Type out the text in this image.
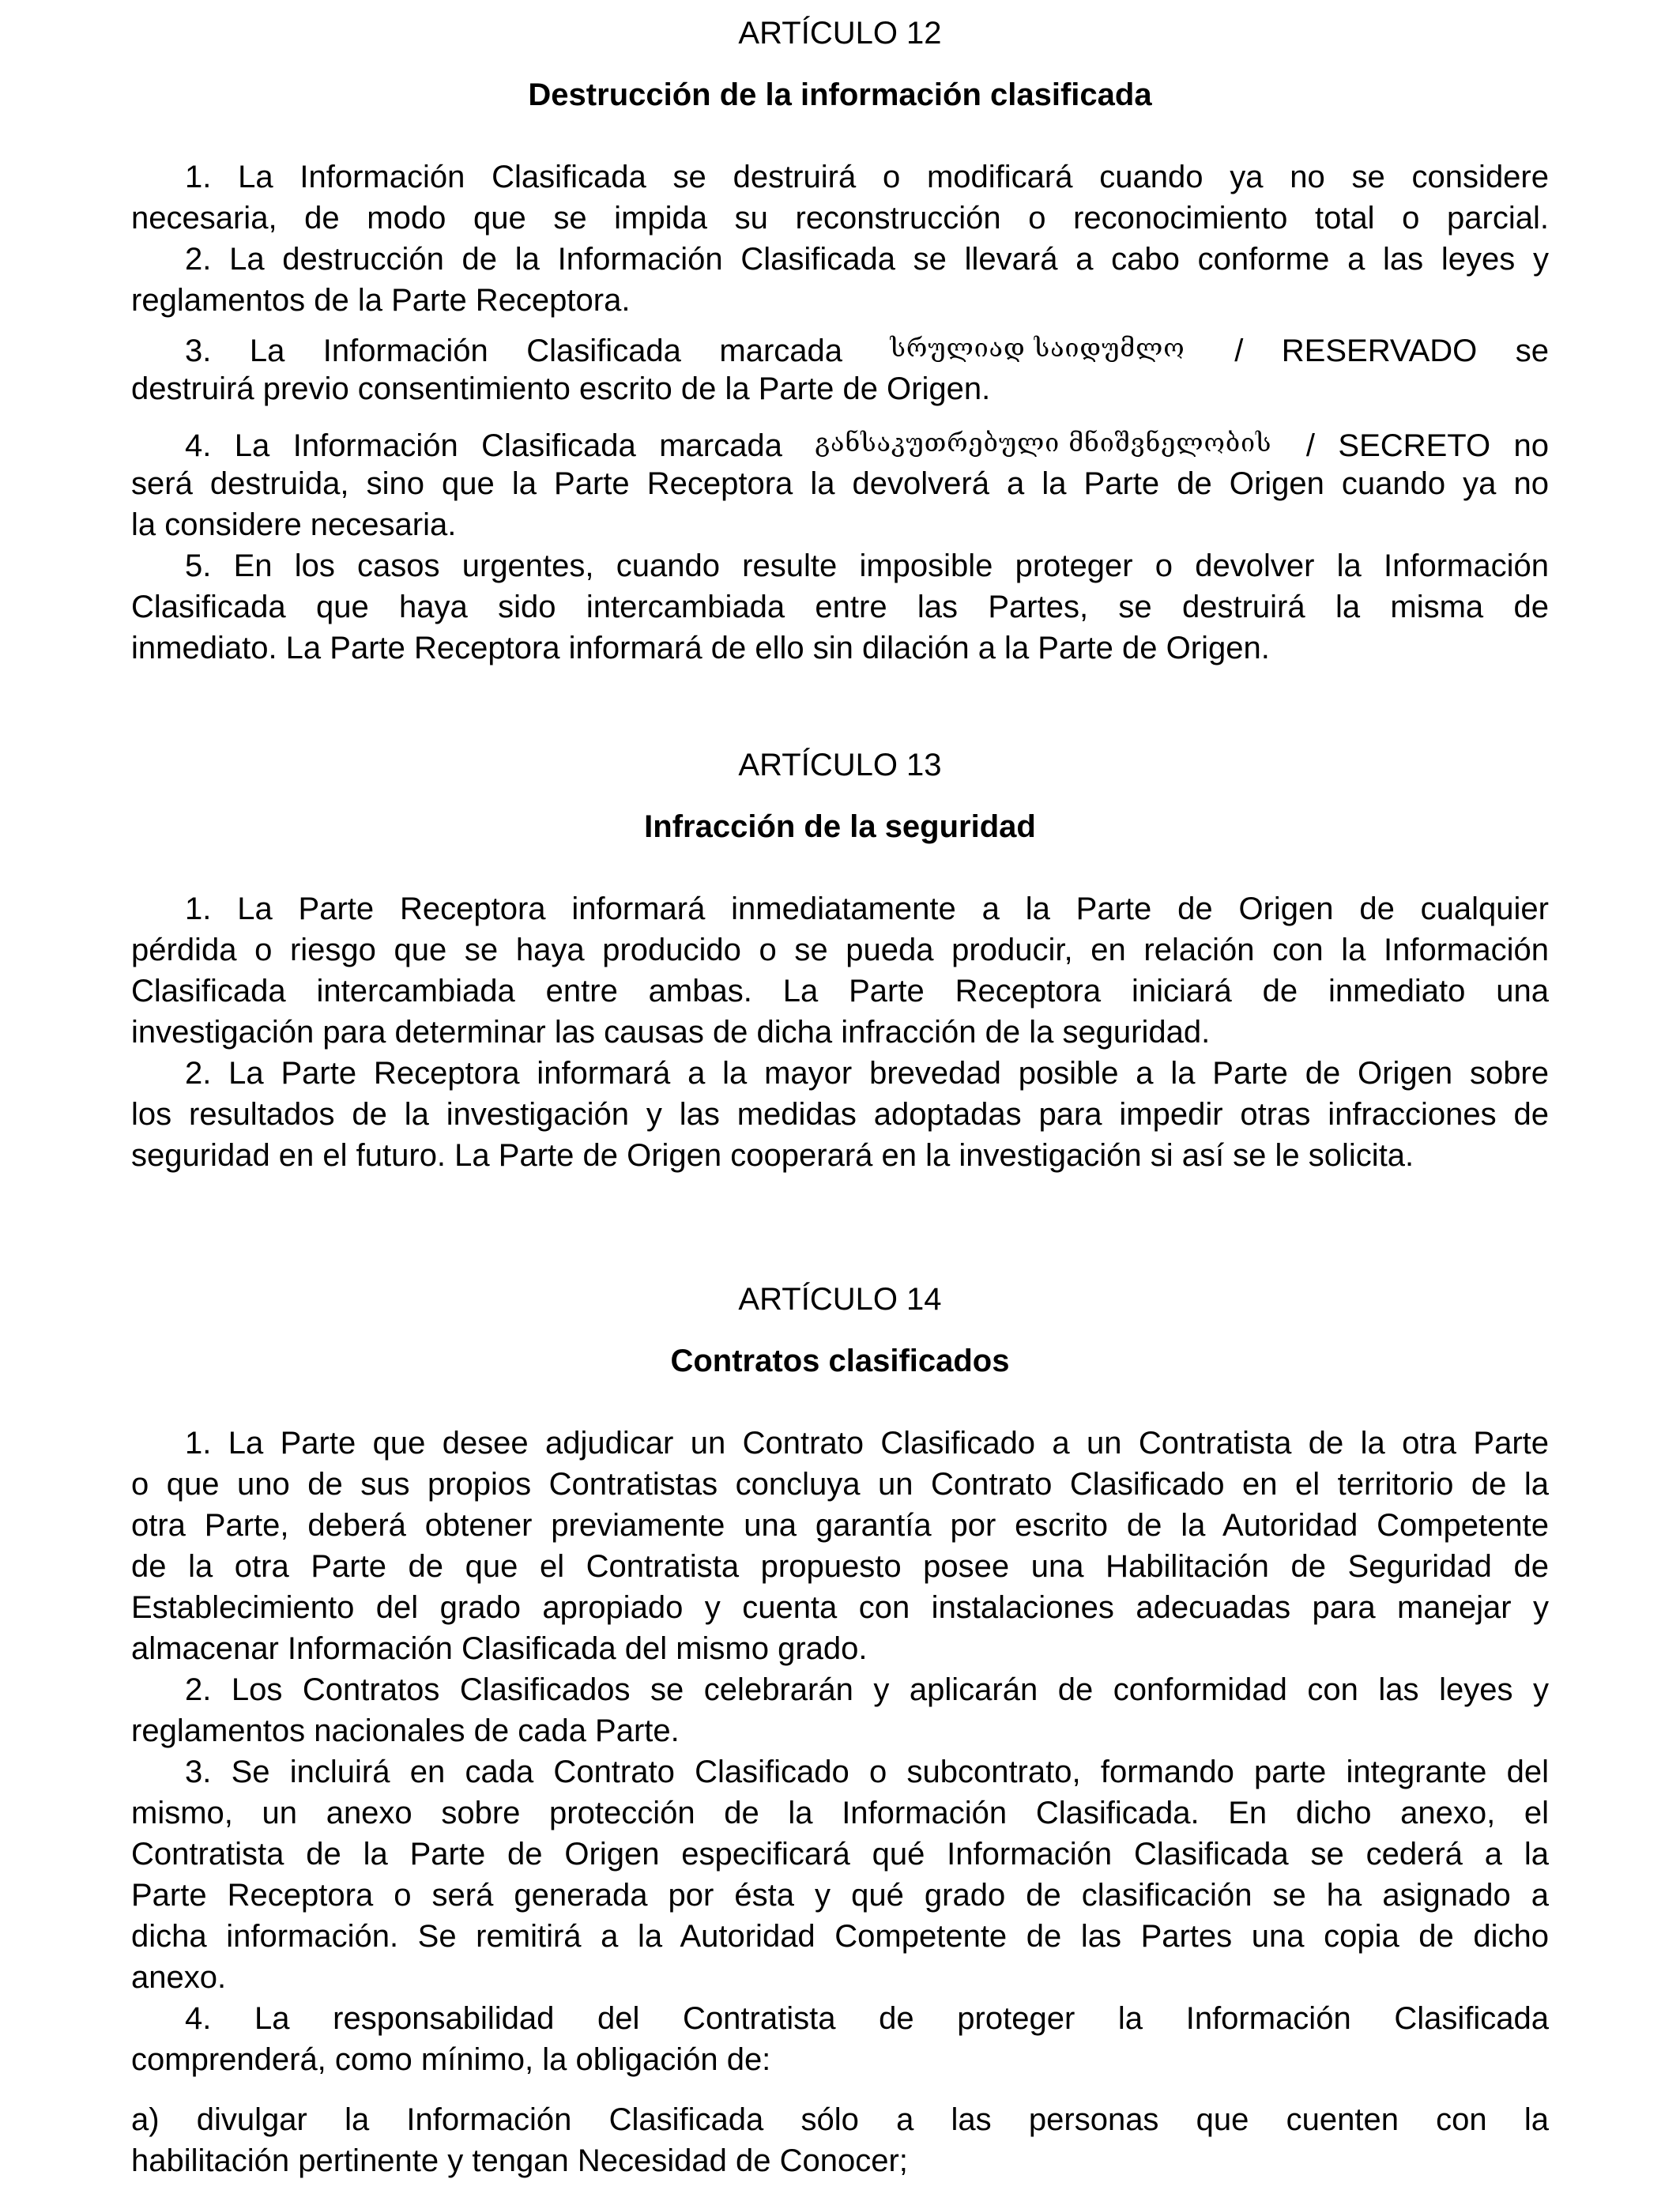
ARTÍCULO 12
Destrucción de la información clasificada
1. La Información Clasificada se destruirá o modificará cuando ya no se considere
necesaria, de modo que se impida su reconstrucción o reconocimiento total o parcial.
2. La destrucción de la Información Clasificada se llevará a cabo conforme a las leyes y
reglamentos de la Parte Receptora.
3. La Información Clasificada marcada სრულიად საიდუმლო / RESERVADO se
destruirá previo consentimiento escrito de la Parte de Origen.
4. La Información Clasificada marcada განსაკუთრებული მნიშვნელობის / SECRETO no
será destruida, sino que la Parte Receptora la devolverá a la Parte de Origen cuando ya no
la considere necesaria.
5. En los casos urgentes, cuando resulte imposible proteger o devolver la Información
Clasificada que haya sido intercambiada entre las Partes, se destruirá la misma de
inmediato. La Parte Receptora informará de ello sin dilación a la Parte de Origen.
ARTÍCULO 13
Infracción de la seguridad
1. La Parte Receptora informará inmediatamente a la Parte de Origen de cualquier
pérdida o riesgo que se haya producido o se pueda producir, en relación con la Información
Clasificada intercambiada entre ambas. La Parte Receptora iniciará de inmediato una
investigación para determinar las causas de dicha infracción de la seguridad.
2. La Parte Receptora informará a la mayor brevedad posible a la Parte de Origen sobre
los resultados de la investigación y las medidas adoptadas para impedir otras infracciones de
seguridad en el futuro. La Parte de Origen cooperará en la investigación si así se le solicita.
ARTÍCULO 14
Contratos clasificados
1. La Parte que desee adjudicar un Contrato Clasificado a un Contratista de la otra Parte
o que uno de sus propios Contratistas concluya un Contrato Clasificado en el territorio de la
otra Parte, deberá obtener previamente una garantía por escrito de la Autoridad Competente
de la otra Parte de que el Contratista propuesto posee una Habilitación de Seguridad de
Establecimiento del grado apropiado y cuenta con instalaciones adecuadas para manejar y
almacenar Información Clasificada del mismo grado.
2. Los Contratos Clasificados se celebrarán y aplicarán de conformidad con las leyes y
reglamentos nacionales de cada Parte.
3. Se incluirá en cada Contrato Clasificado o subcontrato, formando parte integrante del
mismo, un anexo sobre protección de la Información Clasificada. En dicho anexo, el
Contratista de la Parte de Origen especificará qué Información Clasificada se cederá a la
Parte Receptora o será generada por ésta y qué grado de clasificación se ha asignado a
dicha información. Se remitirá a la Autoridad Competente de las Partes una copia de dicho
anexo.
4. La responsabilidad del Contratista de proteger la Información Clasificada
comprenderá, como mínimo, la obligación de:
a) divulgar la Información Clasificada sólo a las personas que cuenten con la
habilitación pertinente y tengan Necesidad de Conocer;
